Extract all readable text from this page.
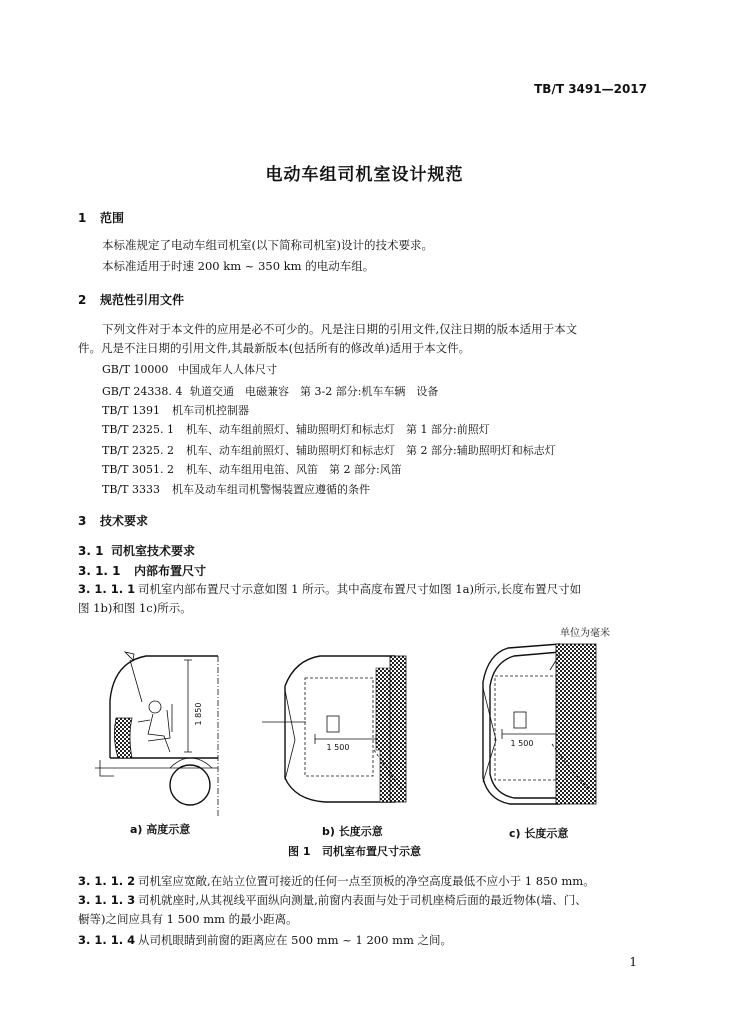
TB/T 3491—2017
电动车组司机室设计规范
1 范围
本标准规定了电动车组司机室(以下简称司机室)设计的技术要求。
本标准适用于时速 200 km ~ 350 km 的电动车组。
2 规范性引用文件
下列文件对于本文件的应用是必不可少的。凡是注日期的引用文件,仅注日期的版本适用于本文
件。凡是不注日期的引用文件,其最新版本(包括所有的修改单)适用于本文件。
GB/T 10000 中国成年人人体尺寸
GB/T 24338. 4 轨道交通　电磁兼容　第 3-2 部分:机车车辆　设备
TB/T 1391 机车司机控制器
TB/T 2325. 1 机车、动车组前照灯、辅助照明灯和标志灯　第 1 部分:前照灯
TB/T 2325. 2 机车、动车组前照灯、辅助照明灯和标志灯　第 2 部分:辅助照明灯和标志灯
TB/T 3051. 2 机车、动车组用电笛、风笛　第 2 部分:风笛
TB/T 3333 机车及动车组司机警惕装置应遵循的条件
3 技术要求
3. 1 司机室技术要求
3. 1. 1 内部布置尺寸
3. 1. 1. 1 司机室内部布置尺寸示意如图 1 所示。其中高度布置尺寸如图 1a)所示,长度布置尺寸如
图 1b)和图 1c)所示。
单位为毫米
1 850
1 500	1 500
a) 高度示意	b) 长度示意	c) 长度示意
图 1 司机室布置尺寸示意
3. 1. 1. 2 司机室应宽敞,在站立位置可接近的任何一点至顶板的净空高度最低不应小于 1 850 mm。
3. 1. 1. 3 司机就座时,从其视线平面纵向测量,前窗内表面与处于司机座椅后面的最近物体(墙、门、
橱等)之间应具有 1 500 mm 的最小距离。
3. 1. 1. 4 从司机眼睛到前窗的距离应在 500 mm ~ 1 200 mm 之间。
1
